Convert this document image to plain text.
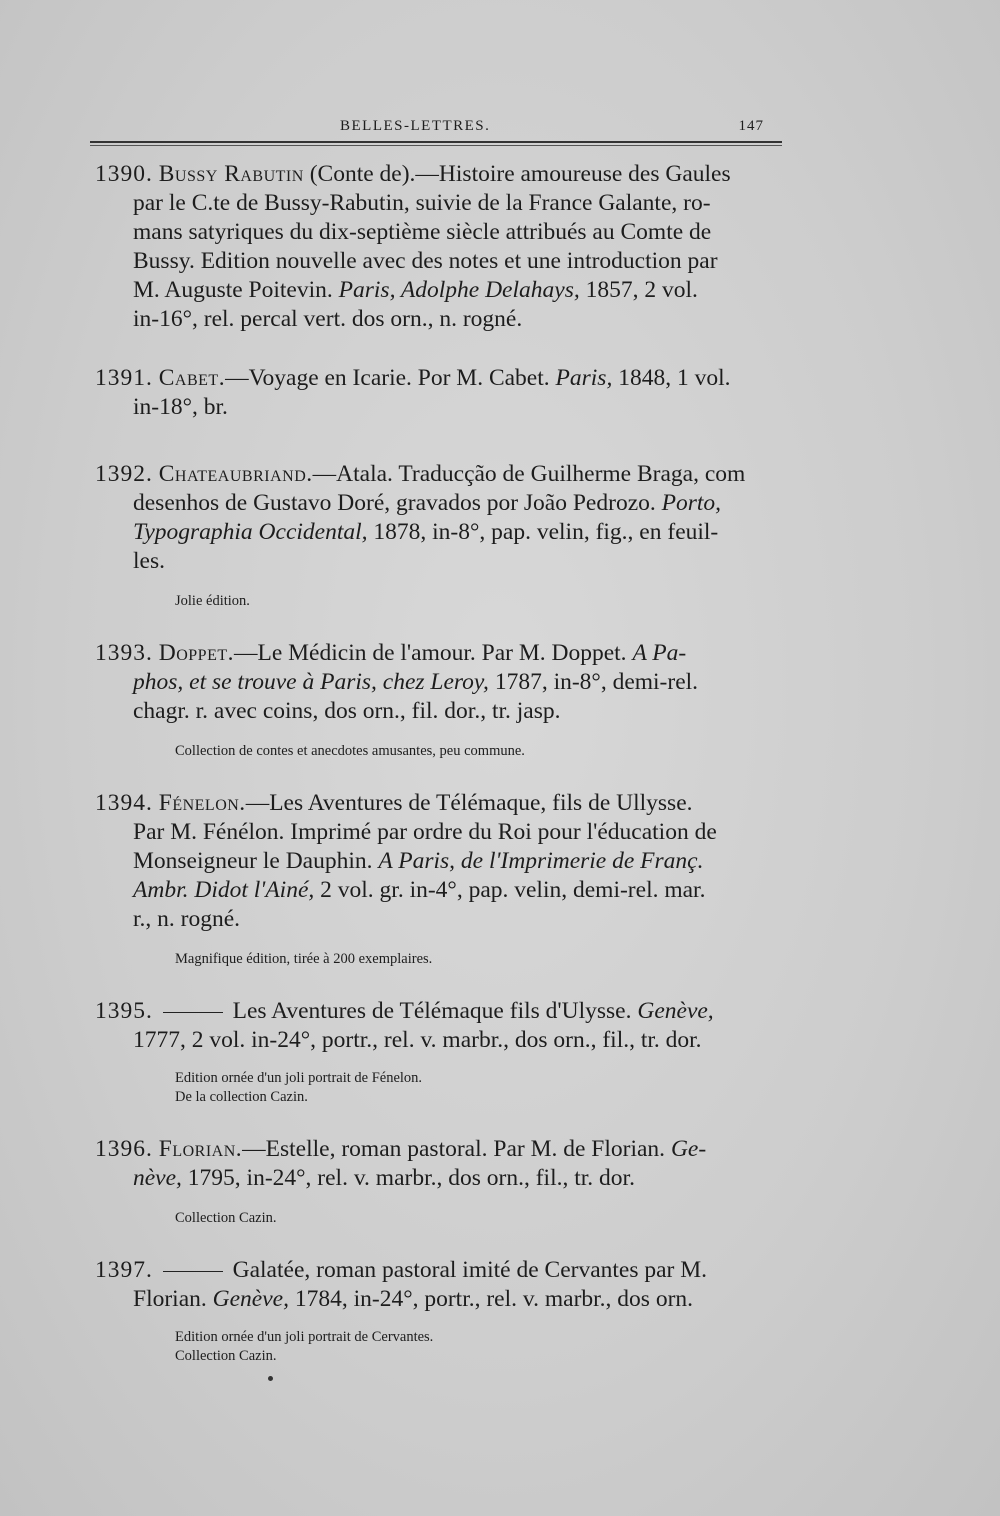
BELLES-LETTRES.	147
1390. Bussy Rabutin (Conte de).—Histoire amoureuse des Gaules
par le C.te de Bussy-Rabutin, suivie de la France Galante, ro-
mans satyriques du dix-septième siècle attribués au Comte de
Bussy. Edition nouvelle avec des notes et une introduction par
M. Auguste Poitevin. Paris, Adolphe Delahays, 1857, 2 vol.
in-16°, rel. percal vert. dos orn., n. rogné.
1391. Cabet.—Voyage en Icarie. Por M. Cabet. Paris, 1848, 1 vol.
in-18°, br.
1392. Chateaubriand.—Atala. Traducção de Guilherme Braga, com
desenhos de Gustavo Doré, gravados por João Pedrozo. Porto,
Typographia Occidental, 1878, in-8°, pap. velin, fig., en feuil-
les.
Jolie édition.
1393. Doppet.—Le Médicin de l'amour. Par M. Doppet. A Pa-
phos, et se trouve à Paris, chez Leroy, 1787, in-8°, demi-rel.
chagr. r. avec coins, dos orn., fil. dor., tr. jasp.
Collection de contes et anecdotes amusantes, peu commune.
1394. Fénelon.—Les Aventures de Télémaque, fils de Ullysse.
Par M. Fénélon. Imprimé par ordre du Roi pour l'éducation de
Monseigneur le Dauphin. A Paris, de l'Imprimerie de Franç.
Ambr. Didot l'Ainé, 2 vol. gr. in-4°, pap. velin, demi-rel. mar.
r., n. rogné.
Magnifique édition, tirée à 200 exemplaires.
1395.	Les Aventures de Télémaque fils d'Ulysse. Genève,
1777, 2 vol. in-24°, portr., rel. v. marbr., dos orn., fil., tr. dor.
Edition ornée d'un joli portrait de Fénelon.
De la collection Cazin.
1396. Florian.—Estelle, roman pastoral. Par M. de Florian. Ge-
nève, 1795, in-24°, rel. v. marbr., dos orn., fil., tr. dor.
Collection Cazin.
1397.	Galatée, roman pastoral imité de Cervantes par M.
Florian. Genève, 1784, in-24°, portr., rel. v. marbr., dos orn.
Edition ornée d'un joli portrait de Cervantes.
Collection Cazin.
